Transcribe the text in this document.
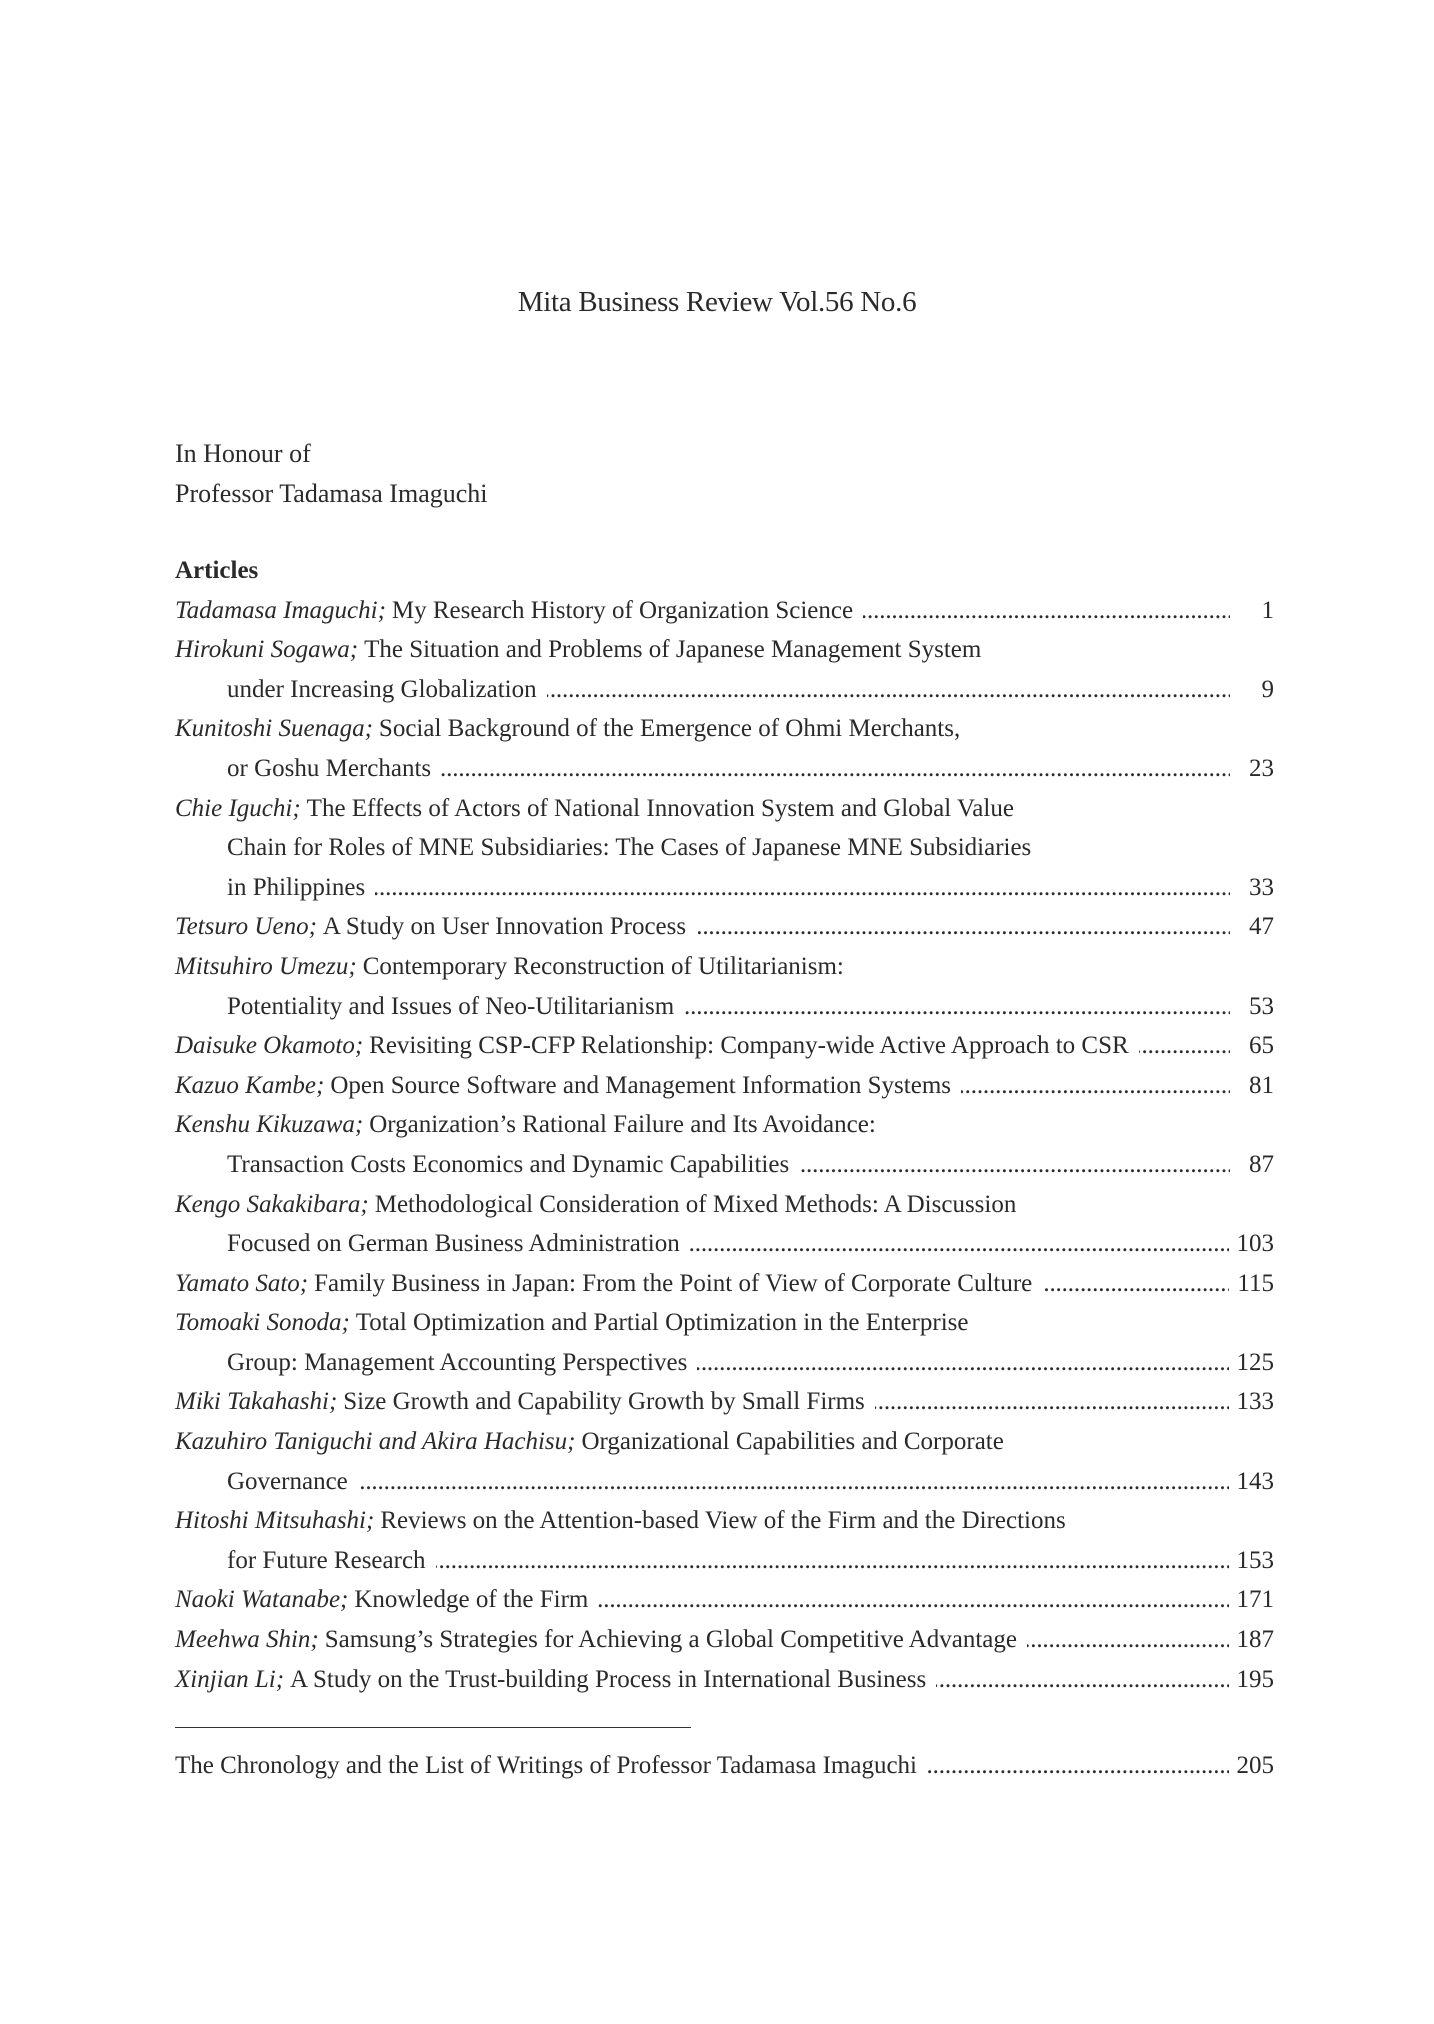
Mita Business Review Vol.56 No.6
In Honour of
Professor Tadamasa Imaguchi
Articles
Tadamasa Imaguchi; My Research History of Organization Science . . .	1
Hirokuni Sogawa; The Situation and Problems of Japanese Management System
under Increasing Globalization . . .	9
Kunitoshi Suenaga; Social Background of the Emergence of Ohmi Merchants,
or Goshu Merchants . . .	23
Chie Iguchi; The Effects of Actors of National Innovation System and Global Value
Chain for Roles of MNE Subsidiaries: The Cases of Japanese MNE Subsidiaries
in Philippines . . .	33
Tetsuro Ueno; A Study on User Innovation Process . . .	47
Mitsuhiro Umezu; Contemporary Reconstruction of Utilitarianism:
Potentiality and Issues of Neo-Utilitarianism . . .	53
Daisuke Okamoto; Revisiting CSP-CFP Relationship: Company-wide Active Approach to CSR . . .	65
Kazuo Kambe; Open Source Software and Management Information Systems . . .	81
Kenshu Kikuzawa; Organization’s Rational Failure and Its Avoidance:
Transaction Costs Economics and Dynamic Capabilities . . .	87
Kengo Sakakibara; Methodological Consideration of Mixed Methods: A Discussion
Focused on German Business Administration . . .	103
Yamato Sato; Family Business in Japan: From the Point of View of Corporate Culture . . .	115
Tomoaki Sonoda; Total Optimization and Partial Optimization in the Enterprise
Group: Management Accounting Perspectives . . .	125
Miki Takahashi; Size Growth and Capability Growth by Small Firms . . .	133
Kazuhiro Taniguchi and Akira Hachisu; Organizational Capabilities and Corporate
Governance . . .	143
Hitoshi Mitsuhashi; Reviews on the Attention-based View of the Firm and the Directions
for Future Research . . .	153
Naoki Watanabe; Knowledge of the Firm . . .	171
Meehwa Shin; Samsung’s Strategies for Achieving a Global Competitive Advantage . . .	187
Xinjian Li; A Study on the Trust-building Process in International Business . . .	195
The Chronology and the List of Writings of Professor Tadamasa Imaguchi . . .	205
